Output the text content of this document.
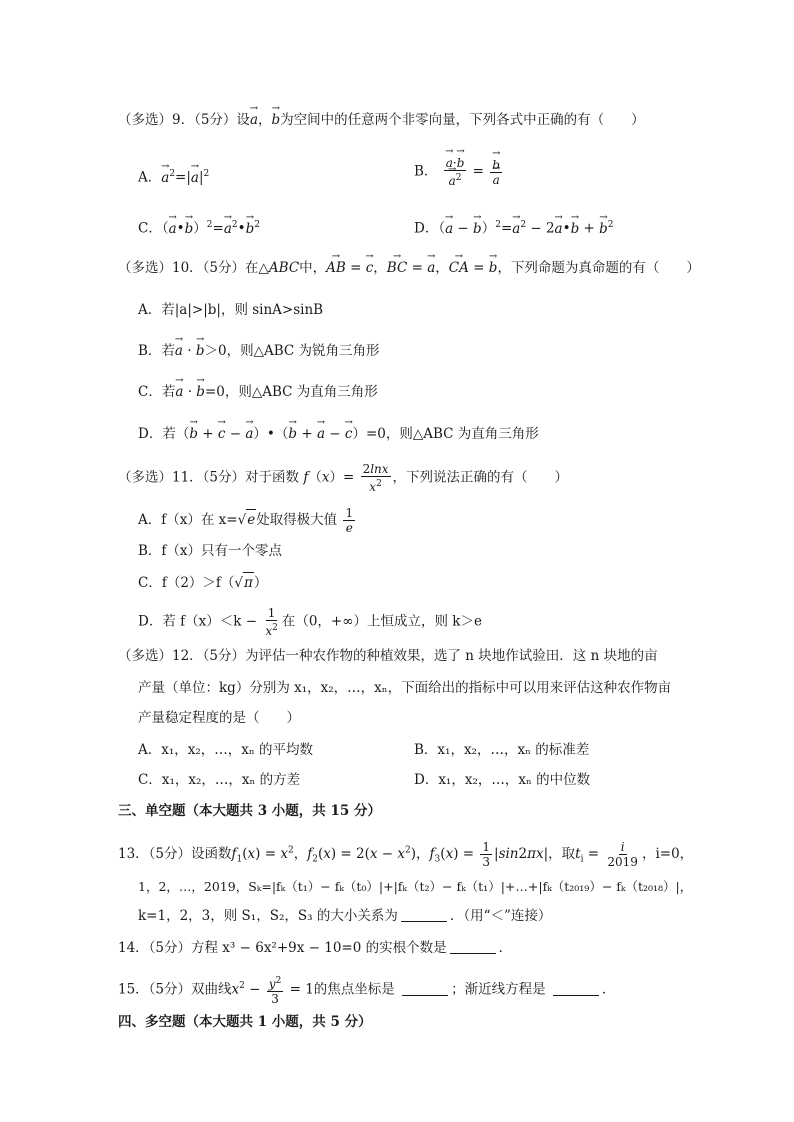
（多选）9．（5分）设→ a，→ b为空间中的任意两个非零向量，下列各式中正确的有（　　）
A．→ $a^2=|\to a|^2$	B． → a·→ b
→ $a^2$ = → b
→ a
C．（→ a•→ $b)^2=\to a^2•\to b^2$	D．（→ a − → $b)^2=\to a^2 - 2\to$ a•→ b + → $b^2$
（多选）10．（5分）在△ABC中，→ AB = → c，→ BC = → a，→ CA = → b，下列命题为真命题的有（　　）
A．若|a|>|b|，则 sinA>sinB
B．若→ a · → b＞0，则△ABC 为锐角三角形
C．若→ a · → b=0，则△ABC 为直角三角形
D．若（→ b + → c − → a）•（→ b + → a − → c）=0，则△ABC 为直角三角形
（多选）11．（5分）对于函数 $f(x)= \frac{2\ln x}{x^2}$ ，下列说法正确的有（　　）
A．f（x）在 x=√e处取得极大值 $\frac{1}{e}$
B．f（x）只有一个零点
C．f（2）＞f（√π）
D．若 $f(x)<k - \frac{1}{x^2}$ 在（0，+∞）上恒成立，则 k＞e
（多选）12．（5分）为评估一种农作物的种植效果，选了 n 块地作试验田．这 n 块地的亩
产量（单位：kg）分别为 x₁，x₂，…，xₙ，下面给出的指标中可以用来评估这种农作物亩
产量稳定程度的是（　　）
A．x₁，x₂，…，xₙ 的平均数	B．x₁，x₂，…，xₙ 的标准差
C．x₁，x₂，…，xₙ 的方差	D．x₁，x₂，…，xₙ 的中位数
三、单空题（本大题共 3 小题，共 15 分）
13．（5分）设函数$f_1(x) = x^2$，$f_2(x) = 2(x - x^2)$，$f_3(x) = \frac{1}{3} |\sin 2\pi x|$，取$t_i = \frac{i}{2019}$ ，i=0，
1，2，…，2019，Sₖ=|fₖ（t₁）− fₖ（t₀）|+|fₖ（t₂）− fₖ（t₁）|+…+|fₖ（t₂₀₁₉）− fₖ（t₂₀₁₈）|，
k=1，2，3，则 S₁，S₂，S₃ 的大小关系为	．（用“＜”连接）
14．（5分）方程 x³ − 6x²+9x − 10=0 的实根个数是	．
15．（5分）双曲线$x^2 - \frac{y^2}{3} = 1$的焦点坐标是	；渐近线方程是	．
四、多空题（本大题共 1 小题，共 5 分）
